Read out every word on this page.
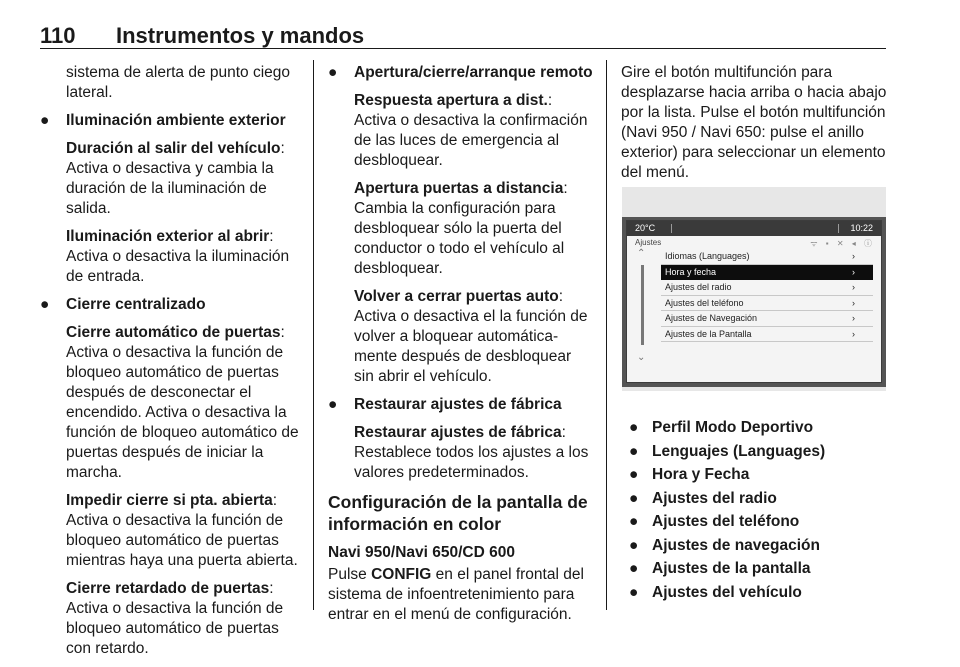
110 Instrumentos y mandos

sistema de alerta de punto ciego lateral.

● Iluminación ambiente exterior

Duración al salir del vehículo:
Activa o desactiva y cambia la duración de la iluminación de salida.

Iluminación exterior al abrir:
Activa o desactiva la iluminación de entrada.

● Cierre centralizado

Cierre automático de puertas:
Activa o desactiva la función de bloqueo automático de puertas después de desconectar el encendido. Activa o desactiva la función de bloqueo automático de puertas después de iniciar la marcha.

Impedir cierre si pta. abierta:
Activa o desactiva la función de bloqueo automático de puertas mientras haya una puerta abierta.

Cierre retardado de puertas:
Activa o desactiva la función de bloqueo automático de puertas con retardo.

● Apertura/cierre/arranque remoto

Respuesta apertura a dist.:
Activa o desactiva la confirmación de las luces de emergencia al desbloquear.

Apertura puertas a distancia:
Cambia la configuración para desbloquear sólo la puerta del conductor o todo el vehículo al desbloquear.

Volver a cerrar puertas auto:
Activa o desactiva el la función de volver a bloquear automáticamente después de desbloquear sin abrir el vehículo.

● Restaurar ajustes de fábrica

Restaurar ajustes de fábrica:
Restablece todos los ajustes a los valores predeterminados.

Configuración de la pantalla de información en color

Navi 950/Navi 650/CD 600

Pulse CONFIG en el panel frontal del sistema de infoentretenimiento para entrar en el menú de configuración.

Gire el botón multifunción para desplazarse hacia arriba o hacia abajo por la lista. Pulse el botón multifunción (Navi 950 / Navi 650: pulse el anillo exterior) para seleccionar un elemento del menú.

20°C	10:22
Ajustes	ᯤ ▪ ✕ ◂ ⓘ
⌃
⌄
Idiomas (Languages)	›
Hora y fecha	›
Ajustes del radio	›
Ajustes del teléfono	›
Ajustes de Navegación	›
Ajustes de la Pantalla	›
● Perfil Modo Deportivo
● Lenguajes (Languages)
● Hora y Fecha
● Ajustes del radio
● Ajustes del teléfono
● Ajustes de navegación
● Ajustes de la pantalla
● Ajustes del vehículo
